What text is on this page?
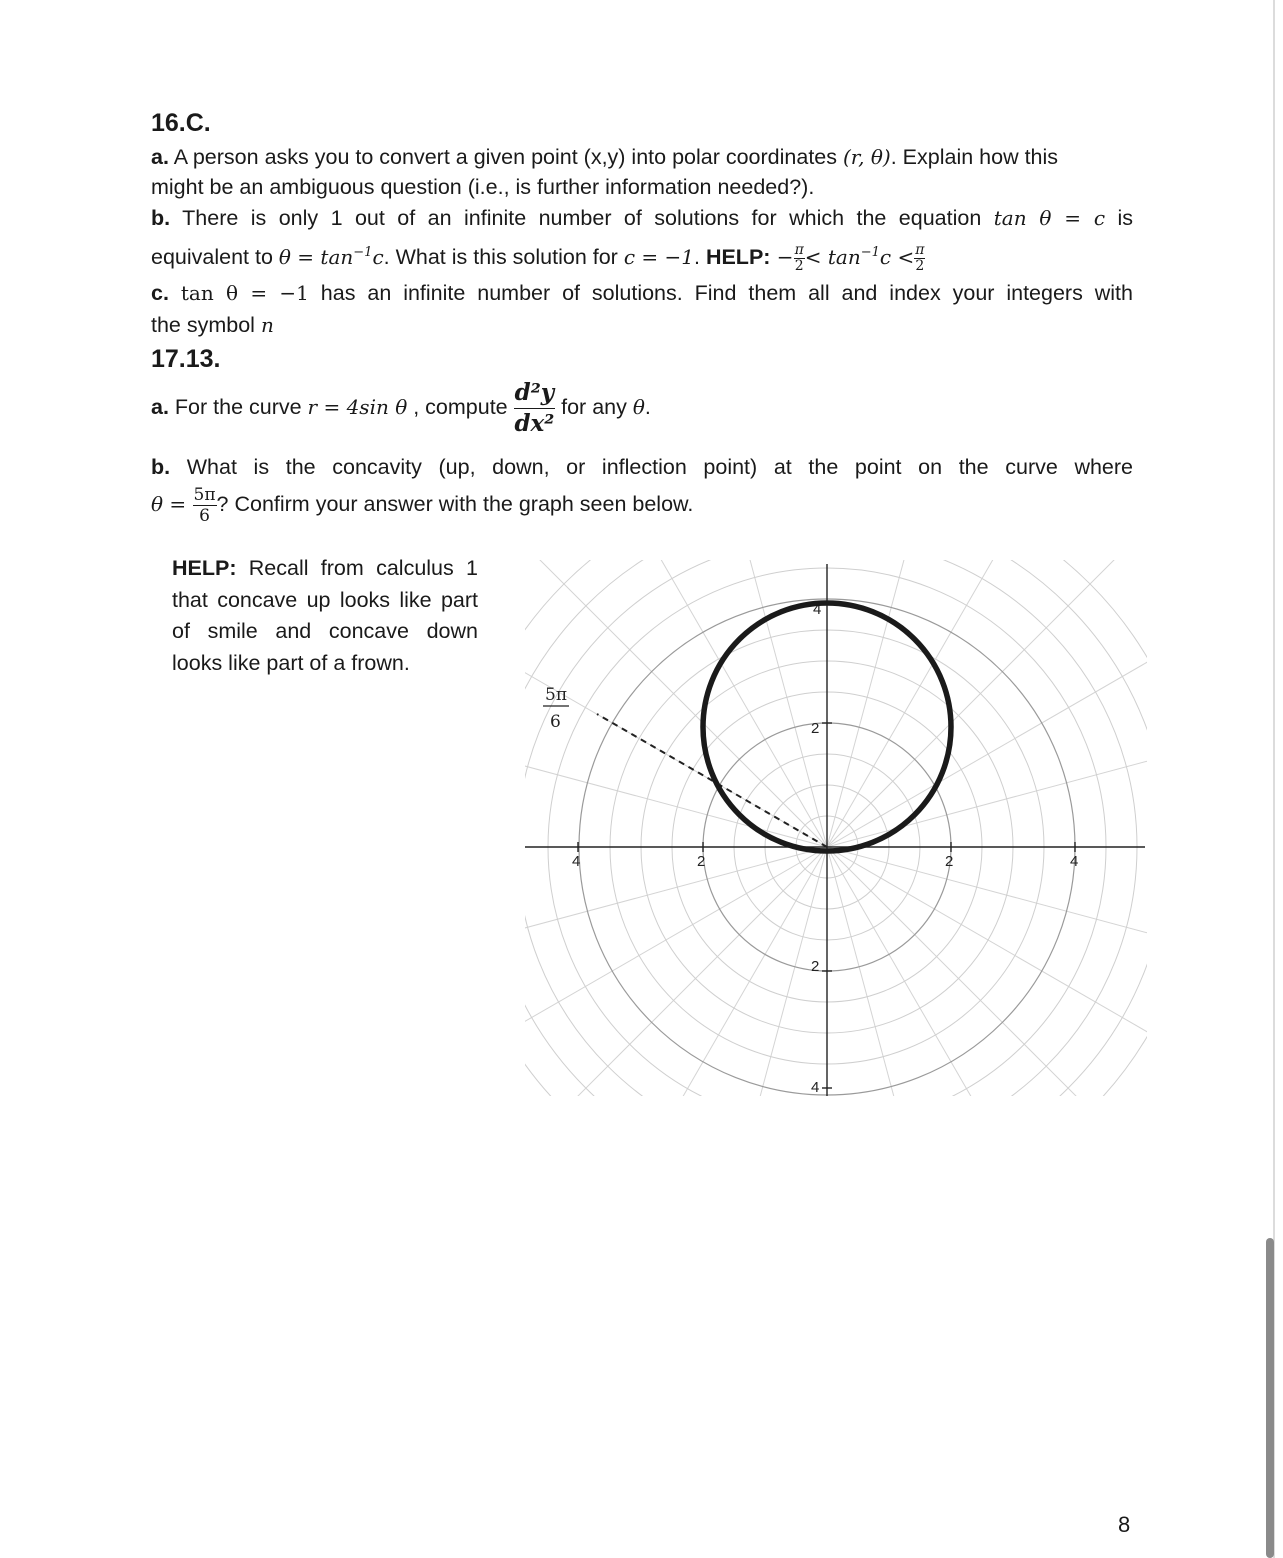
16.C.
a. A person asks you to convert a given point (x,y) into polar coordinates (r, θ). Explain how this
might be an ambiguous question (i.e., is further information needed?).
b. There is only 1 out of an infinite number of solutions for which the equation tan θ = c is
equivalent to $\theta = \tan^{-1}c$. What is this solution for c = −1. HELP: − $\frac{\pi}{2} < \tan^{-1}c < \frac{\pi}{2}$
c. tan θ = −1 has an infinite number of solutions. Find them all and index your integers with
the symbol n
17.13.
a. For the curve r = 4sin θ , compute $\frac{\text{d²y}}{\text{dx²}}$ for any θ.
b. What is the concavity (up, down, or inflection point) at the point on the curve where
$\theta = \frac{5\pi}{6}$ ? Confirm your answer with the graph seen below.
HELP: Recall from calculus 1
that concave up looks like part
of smile and concave down
looks like part of a frown.
4	2	2	4
4
2
2
4
5π
6
8
